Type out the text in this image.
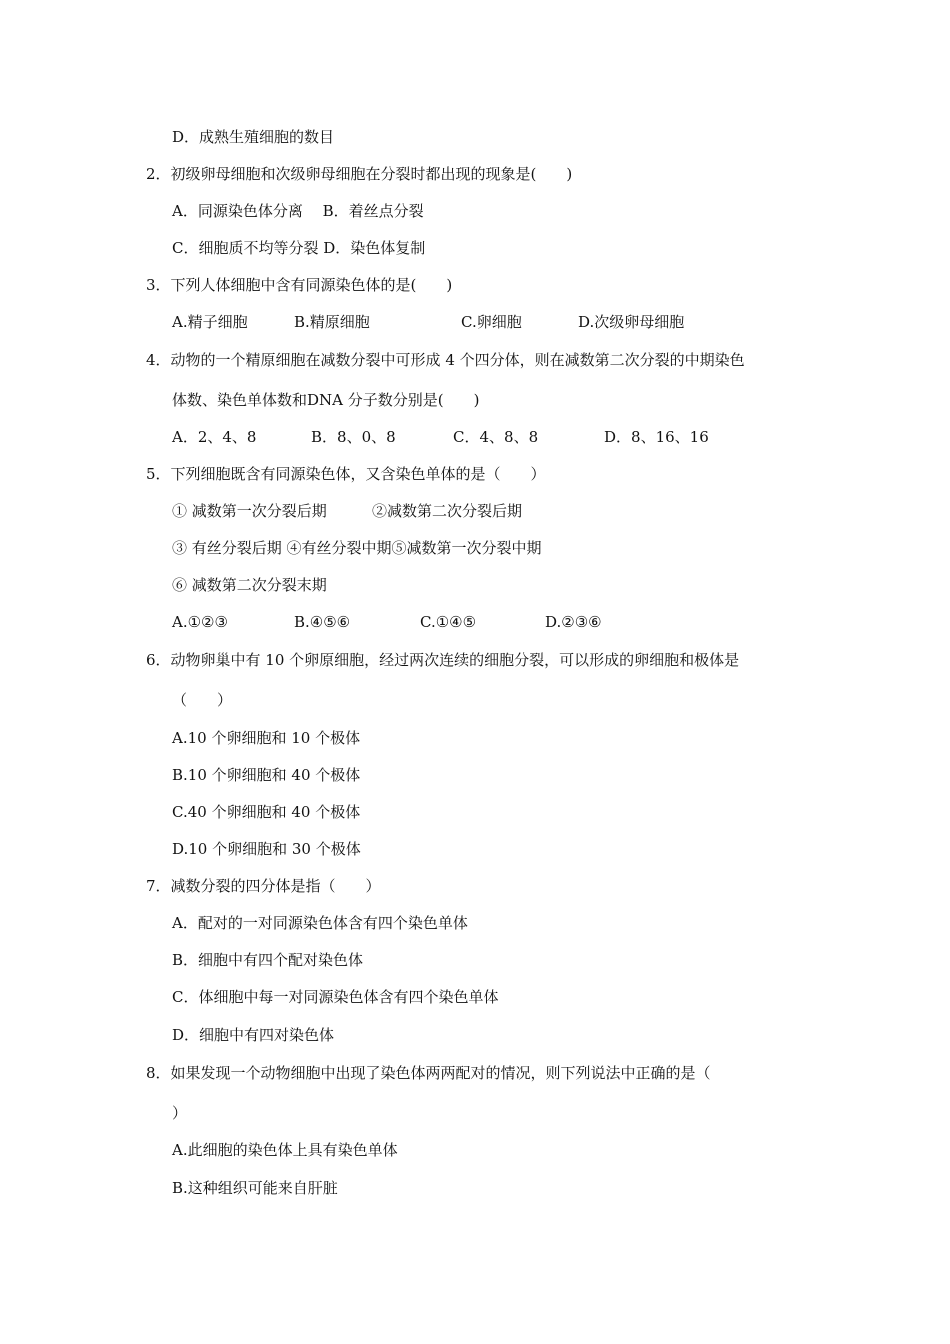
D．成熟生殖细胞的数目
2．初级卵母细胞和次级卵母细胞在分裂时都出现的现象是(　　)
A．同源染色体分离　 B．着丝点分裂
C．细胞质不均等分裂 D．染色体复制
3．下列人体细胞中含有同源染色体的是(　　)
A.精子细胞	B.精原细胞	C.卵细胞	D.次级卵母细胞
4．动物的一个精原细胞在减数分裂中可形成 4 个四分体，则在减数第二次分裂的中期染色
体数、染色单体数和DNA 分子数分别是(　　)
A．2、4、8	B．8、0、8	C．4、8、8	D．8、16、16
5．下列细胞既含有同源染色体，又含染色单体的是（　　）
① 减数第一次分裂后期	②减数第二次分裂后期
③ 有丝分裂后期 ④有丝分裂中期⑤减数第一次分裂中期
⑥ 减数第二次分裂末期
A.①②③	B.④⑤⑥	C.①④⑤	D.②③⑥
6．动物卵巢中有 10 个卵原细胞，经过两次连续的细胞分裂，可以形成的卵细胞和极体是
（　　）
A.10 个卵细胞和 10 个极体
B.10 个卵细胞和 40 个极体
C.40 个卵细胞和 40 个极体
D.10 个卵细胞和 30 个极体
7．减数分裂的四分体是指（　　）
A．配对的一对同源染色体含有四个染色单体
B．细胞中有四个配对染色体
C．体细胞中每一对同源染色体含有四个染色单体
D．细胞中有四对染色体
8．如果发现一个动物细胞中出现了染色体两两配对的情况，则下列说法中正确的是（
）
A.此细胞的染色体上具有染色单体
B.这种组织可能来自肝脏
